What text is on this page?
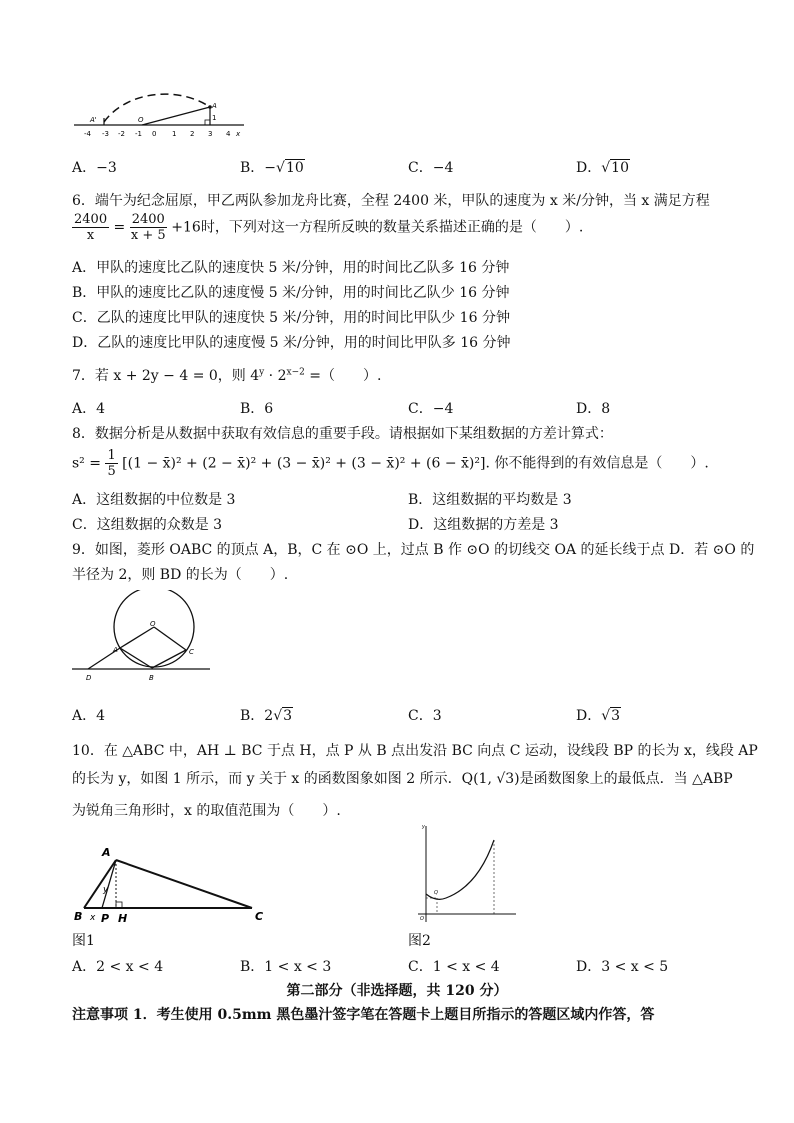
-4 -3 -2 -1 0 1 2 3 4 x
A
A'	O	1
A．−3	B．−√10	C．−4	D．√10
6．端午为纪念屈原，甲乙两队参加龙舟比赛，全程 2400 米，甲队的速度为 x 米/分钟，当 x 满足方程
$\frac{2400}{x} = \frac{2400}{x + 5} +16$时，下列对这一方程所反映的数量关系描述正确的是（　　）.
A．甲队的速度比乙队的速度快 5 米/分钟，用的时间比乙队多 16 分钟
B．甲队的速度比乙队的速度慢 5 米/分钟，用的时间比乙队少 16 分钟
C．乙队的速度比甲队的速度快 5 米/分钟，用的时间比甲队少 16 分钟
D．乙队的速度比甲队的速度慢 5 米/分钟，用的时间比甲队多 16 分钟
7．若 x + 2y − 4 = 0，则 $4^y \cdot 2^{x-2}$ =（　　）.
A．4	B．6	C．−4	D．8
8．数据分析是从数据中获取有效信息的重要手段。请根据如下某组数据的方差计算式：
$s^2 = \frac{1}{5} [(1$ − x̄)² + (2 − x̄)² + (3 − x̄)² + (3 − x̄)² + (6 − x̄)²]. 你不能得到的有效信息是（　　）.
A．这组数据的中位数是 3	B．这组数据的平均数是 3
C．这组数据的众数是 3	D．这组数据的方差是 3
9．如图，菱形 OABC 的顶点 A，B，C 在 ⊙O 上，过点 B 作 ⊙O 的切线交 OA 的延长线于点 D．若 ⊙O 的
半径为 2，则 BD 的长为（　　）.
O
A
B
C
D
A．4	B．2√3	C．3	D．√3
10．在 △ABC 中，AH ⊥ BC 于点 H，点 P 从 B 点出发沿 BC 向点 C 运动，设线段 BP 的长为 x，线段 AP
的长为 y，如图 1 所示，而 y 关于 x 的函数图象如图 2 所示．Q(1, √3)是函数图象上的最低点．当 △ABP
为锐角三角形时，x 的取值范围为（　　）.
A
B	C
H
P
x
y
图1
y
O
Q
图2
A．2 < x < 4	B．1 < x < 3	C．1 < x < 4	D．3 < x < 5
第二部分（非选择题，共 120 分）
注意事项 1．考生使用 0.5mm 黑色墨汁签字笔在答题卡上题目所指示的答题区域内作答，答
